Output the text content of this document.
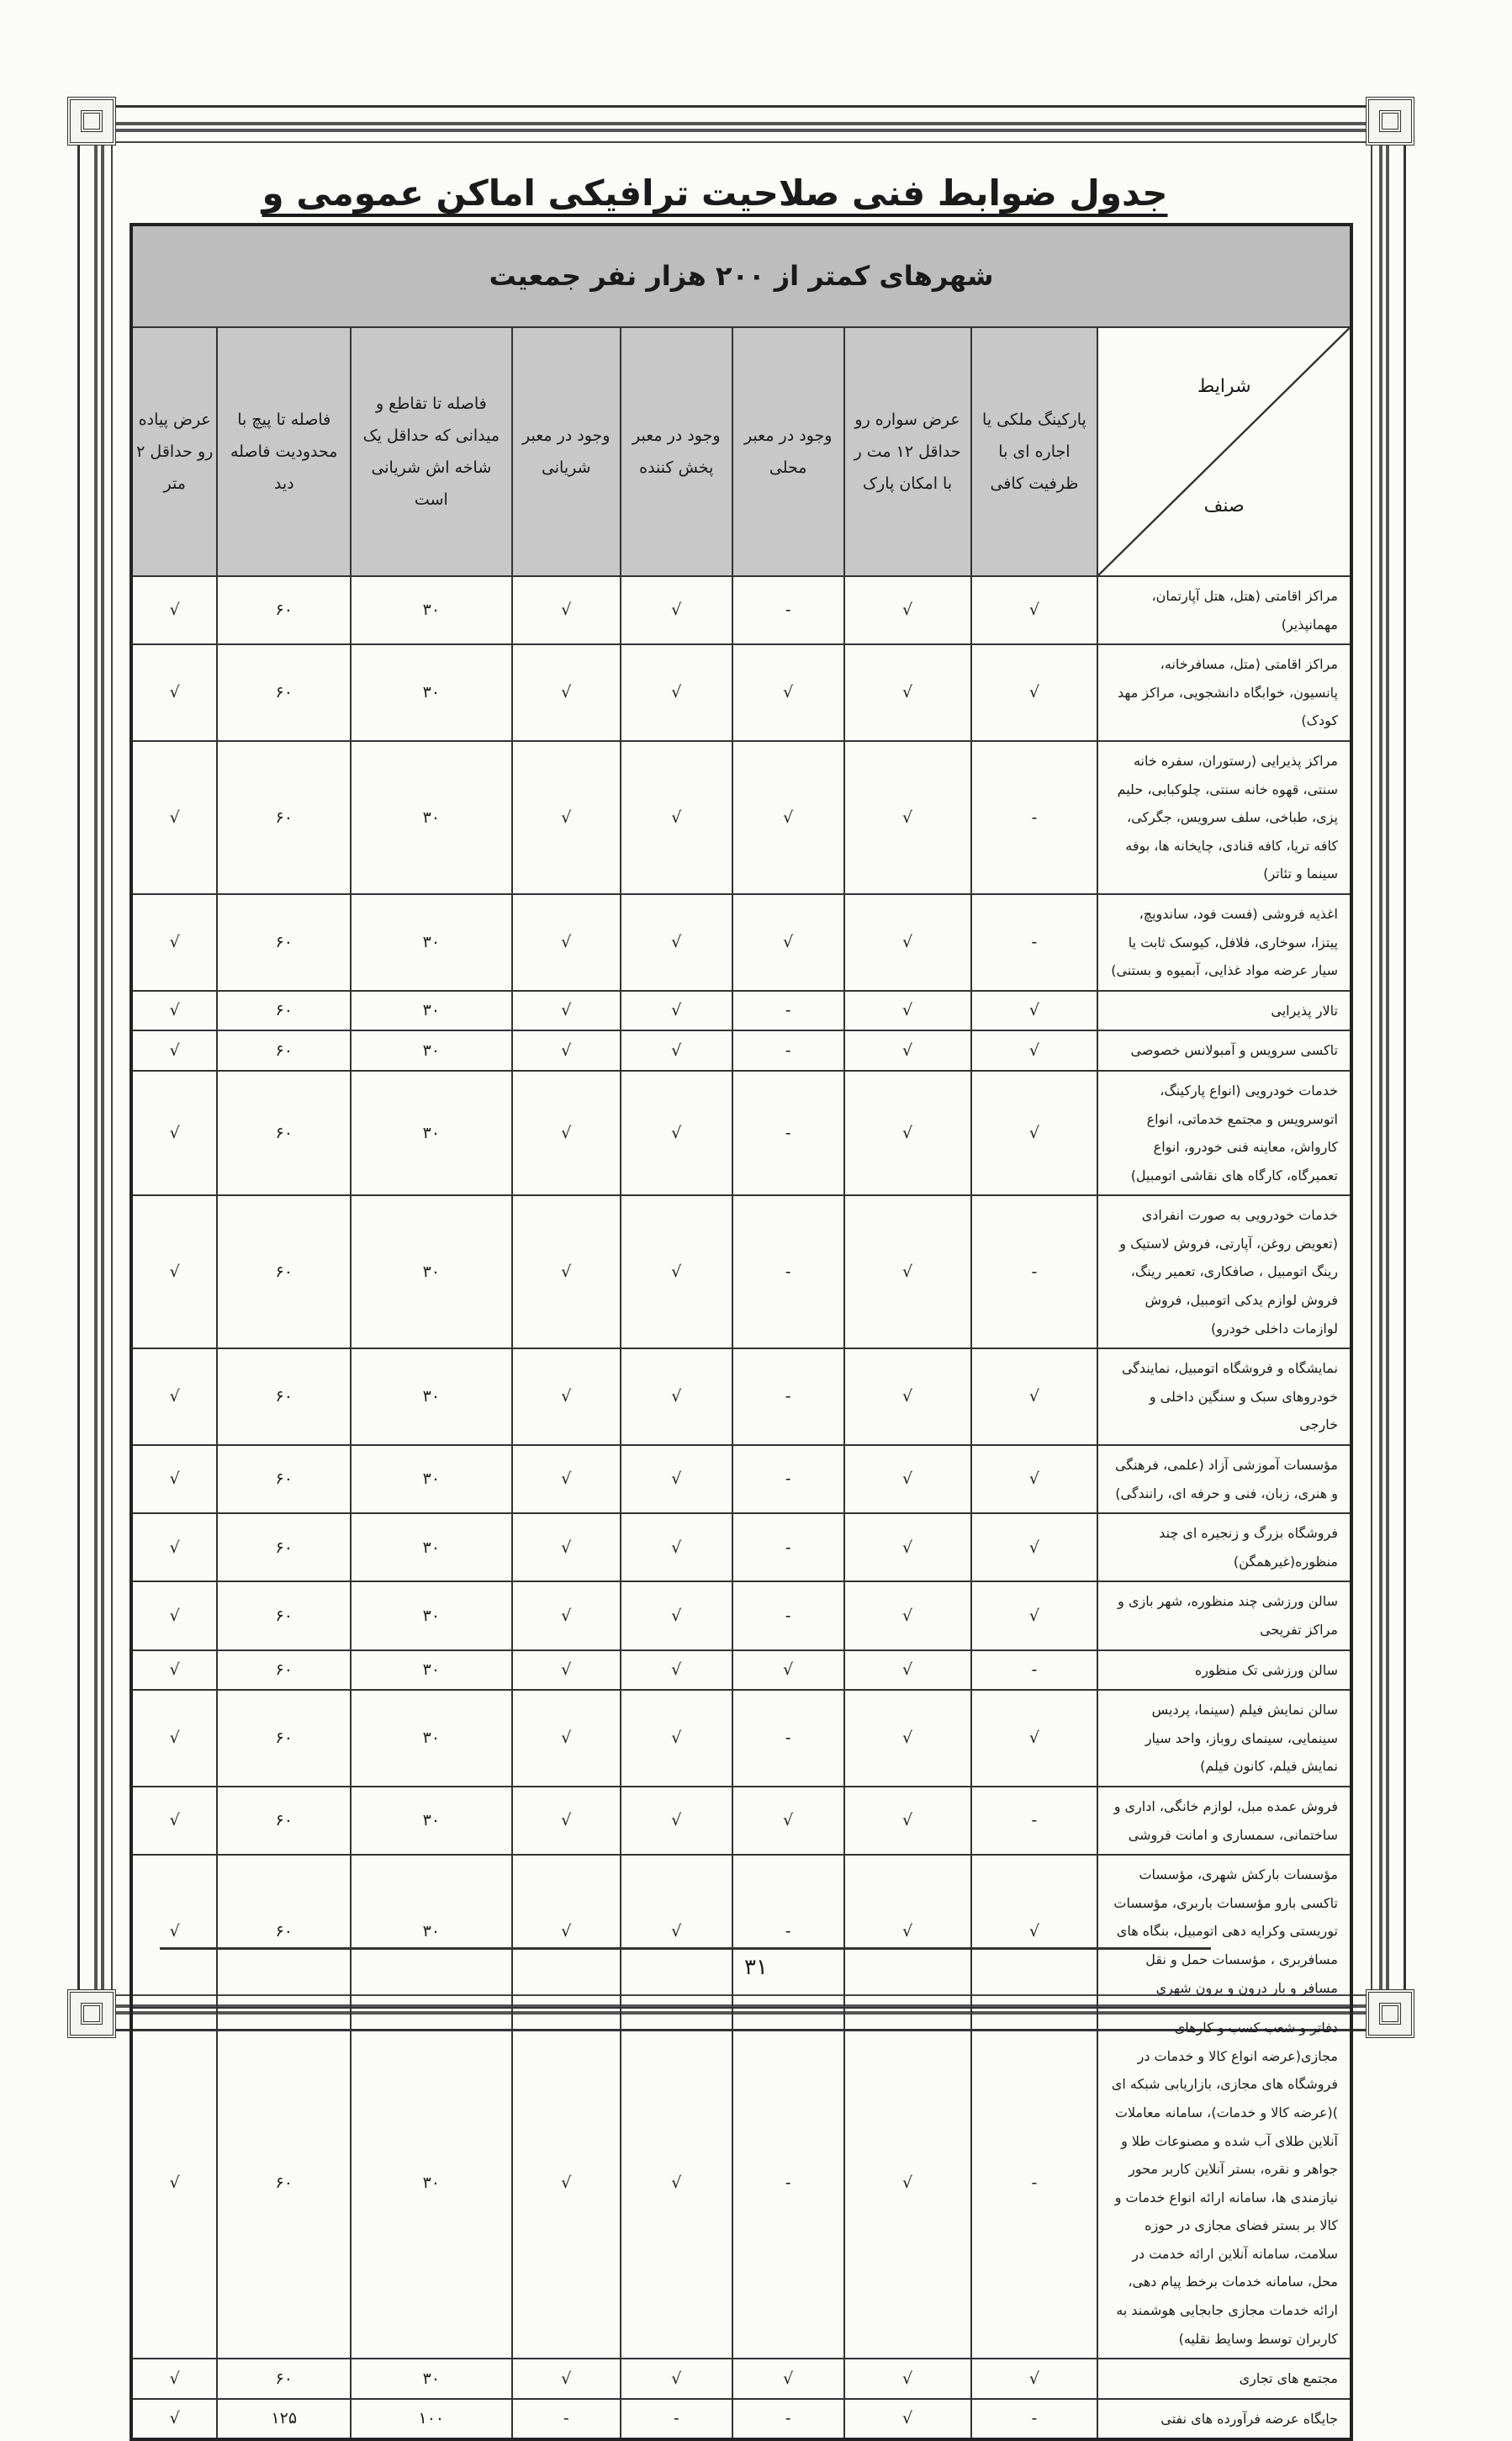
جدول ضوابط فنی صلاحیت ترافیکی اماکن عمومی و
شهرهای کمتر از ۲۰۰ هزار نفر جمعیت								

شرایط
صنف	پارکینگ ملکی یا اجاره ای با ظرفیت کافی	عرض سواره رو حداقل ۱۲ مت ر با امکان پارک	وجود در معبر محلی	وجود در معبر پخش کننده	وجود در معبر شریانی	فاصله تا تقاطع و میدانی که حداقل یک شاخه اش شریانی است	فاصله تا پیچ با محدودیت فاصله دید	عرض پیاده رو حداقل ۲ متر
مراکز اقامتی (هتل، هتل آپارتمان، مهمانپذیر)	√	√	-	√	√	۳۰	۶۰	√
مراکز اقامتی (متل، مسافرخانه، پانسیون، خوابگاه دانشجویی، مراکز مهد کودک)	√	√	√	√	√	۳۰	۶۰	√
مراکز پذیرایی (رستوران، سفره خانه سنتی، قهوه خانه سنتی، چلوکبابی، حلیم پزی، طباخی، سلف سرویس، جگرکی، کافه تریا، کافه قنادی، چایخانه ها، بوفه سینما و تئاتر)	-	√	√	√	√	۳۰	۶۰	√
اغذیه فروشی (فست فود، ساندویچ، پیتزا، سوخاری، فلافل، کیوسک ثابت یا سیار عرضه مواد غذایی، آبمیوه و بستنی)	-	√	√	√	√	۳۰	۶۰	√
تالار پذیرایی	√	√	-	√	√	۳۰	۶۰	√
تاکسی سرویس و آمبولانس خصوصی	√	√	-	√	√	۳۰	۶۰	√
خدمات خودرویی (انواع پارکینگ، اتوسرویس و مجتمع خدماتی، انواع کارواش، معاینه فنی خودرو، انواع تعمیرگاه، کارگاه های نقاشی اتومبیل)	√	√	-	√	√	۳۰	۶۰	√
خدمات خودرویی به صورت انفرادی (تعویض روغن، آپارتی، فروش لاستیک و رینگ اتومبیل ، صافکاری، تعمیر رینگ، فروش لوازم یدکی اتومبیل، فروش لوازمات داخلی خودرو)	-	√	-	√	√	۳۰	۶۰	√
نمایشگاه و فروشگاه اتومبیل، نمایندگی خودروهای سبک و سنگین داخلی و خارجی	√	√	-	√	√	۳۰	۶۰	√
مؤسسات آموزشی آزاد (علمی، فرهنگی و هنری، زبان، فنی و حرفه ای، رانندگی)	√	√	-	√	√	۳۰	۶۰	√
فروشگاه بزرگ و زنجیره ای چند منظوره(غیرهمگن)	√	√	-	√	√	۳۰	۶۰	√
سالن ورزشی چند منظوره، شهر بازی و مراکز تفریحی	√	√	-	√	√	۳۰	۶۰	√
سالن ورزشی تک منظوره	-	√	√	√	√	۳۰	۶۰	√
سالن نمایش فیلم (سینما، پردیس سینمایی، سینمای روباز، واحد سیار نمایش فیلم، کانون فیلم)	√	√	-	√	√	۳۰	۶۰	√
فروش عمده مبل، لوازم خانگی، اداری و ساختمانی، سمساری و امانت فروشی	-	√	√	√	√	۳۰	۶۰	√
مؤسسات بارکش شهری، مؤسسات تاکسی بارو مؤسسات باربری، مؤسسات توریستی وکرایه دهی اتومبیل، بنگاه های مسافربری ، مؤسسات حمل و نقل مسافر و بار درون و برون شهری	√	√	-	√	√	۳۰	۶۰	√
دفاتر و شعب کسب و کارهای مجازی(عرضه انواع کالا و خدمات در فروشگاه های مجازی، بازاریابی شبکه ای )(عرضه کالا و خدمات)، سامانه معاملات آنلاین طلای آب شده و مصنوعات طلا و جواهر و نقره، بستر آنلاین کاربر محور نیازمندی ها، سامانه ارائه انواع خدمات و کالا بر بستر فضای مجازی در حوزه سلامت، سامانه آنلاین ارائه خدمت در محل، سامانه خدمات برخط پیام دهی، ارائه خدمات مجازی جابجایی هوشمند به کاربران توسط وسایط نقلیه)	-	√	-	√	√	۳۰	۶۰	√
مجتمع های تجاری	√	√	√	√	√	۳۰	۶۰	√
جایگاه عرضه فرآورده های نفتی	-	√	-	-	-	۱۰۰	۱۲۵	√
۳۱
